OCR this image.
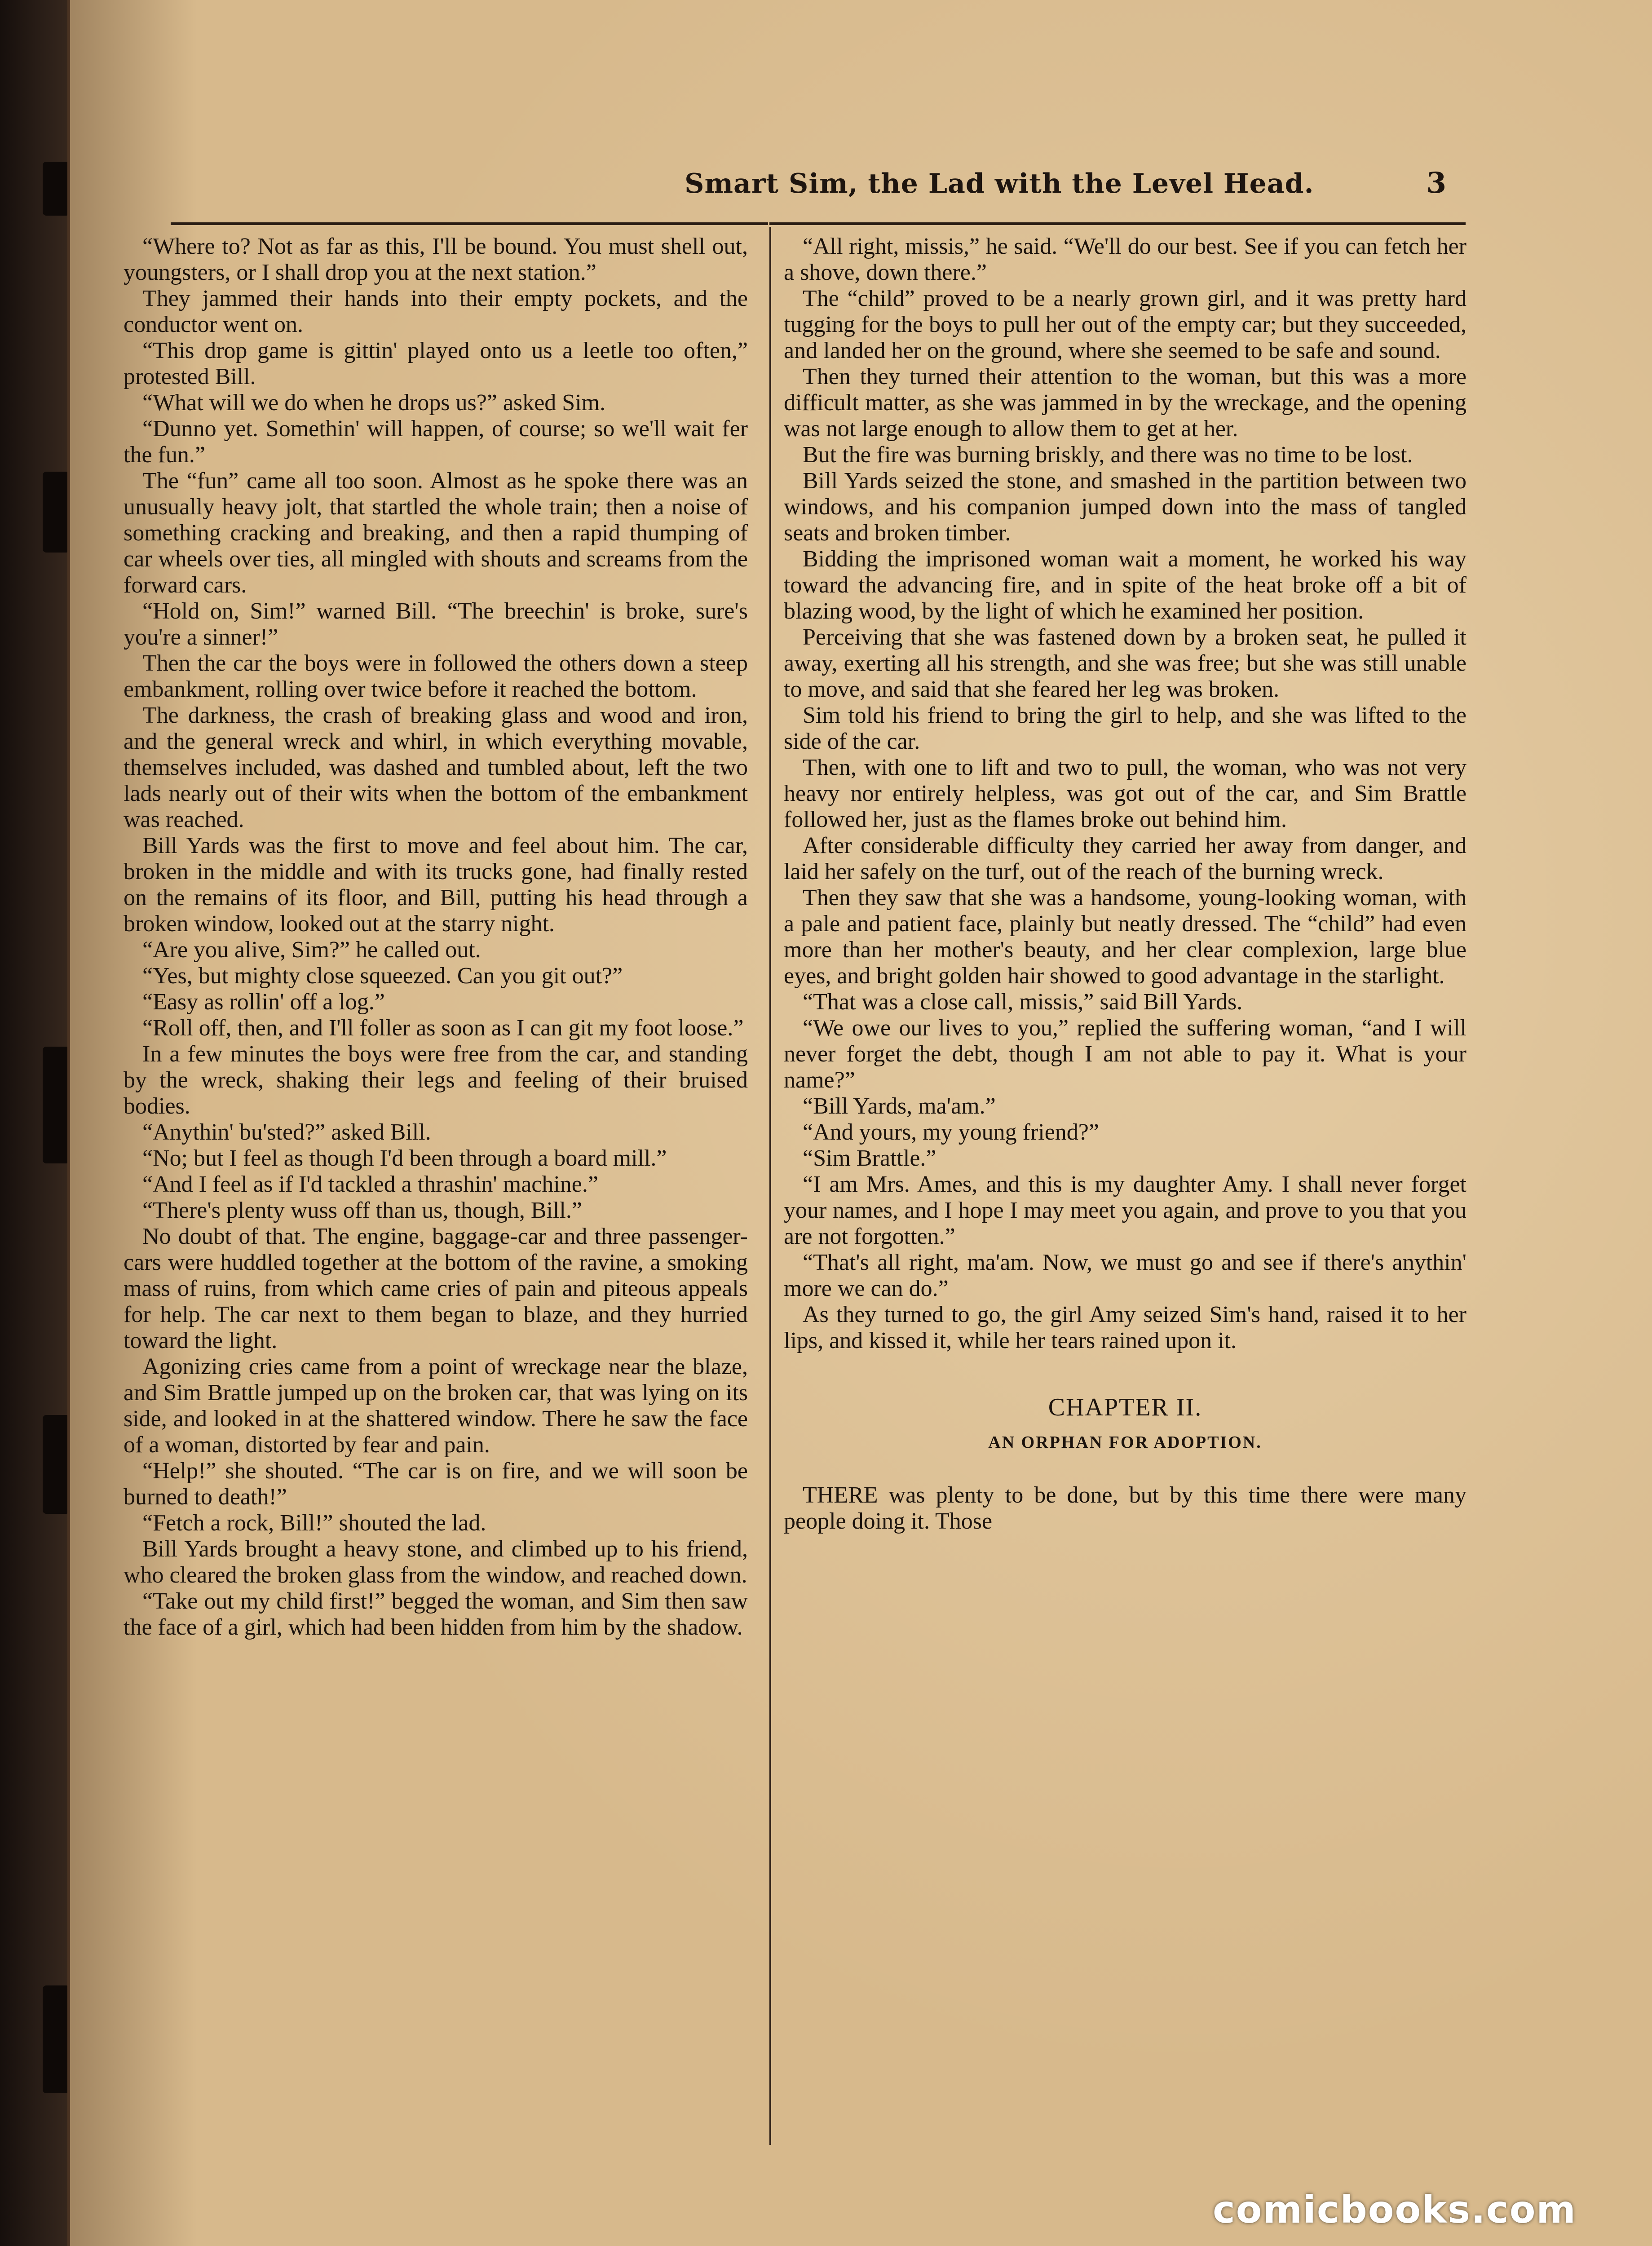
Smart Sim, the Lad with the Level Head.	3

“Where to? Not as far as this, I'll be bound. You must shell out, youngsters, or I shall drop you at the next station.”

They jammed their hands into their empty pockets, and the conductor went on.

“This drop game is gittin' played onto us a leetle too often,” protested Bill.

“What will we do when he drops us?” asked Sim.

“Dunno yet. Somethin' will happen, of course; so we'll wait fer the fun.”

The “fun” came all too soon. Almost as he spoke there was an unusually heavy jolt, that startled the whole train; then a noise of something cracking and breaking, and then a rapid thumping of car wheels over ties, all mingled with shouts and screams from the forward cars.

“Hold on, Sim!” warned Bill. “The breechin' is broke, sure's you're a sinner!”

Then the car the boys were in followed the others down a steep embankment, rolling over twice before it reached the bottom.

The darkness, the crash of breaking glass and wood and iron, and the general wreck and whirl, in which everything movable, themselves included, was dashed and tumbled about, left the two lads nearly out of their wits when the bottom of the embankment was reached.

Bill Yards was the first to move and feel about him. The car, broken in the middle and with its trucks gone, had finally rested on the remains of its floor, and Bill, putting his head through a broken window, looked out at the starry night.

“Are you alive, Sim?” he called out.

“Yes, but mighty close squeezed. Can you git out?”

“Easy as rollin' off a log.”

“Roll off, then, and I'll foller as soon as I can git my foot loose.”

In a few minutes the boys were free from the car, and standing by the wreck, shaking their legs and feeling of their bruised bodies.

“Anythin' bu'sted?” asked Bill.

“No; but I feel as though I'd been through a board mill.”

“And I feel as if I'd tackled a thrashin' machine.”

“There's plenty wuss off than us, though, Bill.”

No doubt of that. The engine, baggage-car and three passenger-cars were huddled together at the bottom of the ravine, a smoking mass of ruins, from which came cries of pain and piteous appeals for help. The car next to them began to blaze, and they hurried toward the light.

Agonizing cries came from a point of wreckage near the blaze, and Sim Brattle jumped up on the broken car, that was lying on its side, and looked in at the shattered window. There he saw the face of a woman, distorted by fear and pain.

“Help!” she shouted. “The car is on fire, and we will soon be burned to death!”

“Fetch a rock, Bill!” shouted the lad.

Bill Yards brought a heavy stone, and climbed up to his friend, who cleared the broken glass from the window, and reached down.

“Take out my child first!” begged the woman, and Sim then saw the face of a girl, which had been hidden from him by the shadow.

“All right, missis,” he said. “We'll do our best. See if you can fetch her a shove, down there.”

The “child” proved to be a nearly grown girl, and it was pretty hard tugging for the boys to pull her out of the empty car; but they succeeded, and landed her on the ground, where she seemed to be safe and sound.

Then they turned their attention to the woman, but this was a more difficult matter, as she was jammed in by the wreckage, and the opening was not large enough to allow them to get at her.

But the fire was burning briskly, and there was no time to be lost.

Bill Yards seized the stone, and smashed in the partition between two windows, and his companion jumped down into the mass of tangled seats and broken timber.

Bidding the imprisoned woman wait a moment, he worked his way toward the advancing fire, and in spite of the heat broke off a bit of blazing wood, by the light of which he examined her position.

Perceiving that she was fastened down by a broken seat, he pulled it away, exerting all his strength, and she was free; but she was still unable to move, and said that she feared her leg was broken.

Sim told his friend to bring the girl to help, and she was lifted to the side of the car.

Then, with one to lift and two to pull, the woman, who was not very heavy nor entirely helpless, was got out of the car, and Sim Brattle followed her, just as the flames broke out behind him.

After considerable difficulty they carried her away from danger, and laid her safely on the turf, out of the reach of the burning wreck.

Then they saw that she was a handsome, young-looking woman, with a pale and patient face, plainly but neatly dressed. The “child” had even more than her mother's beauty, and her clear complexion, large blue eyes, and bright golden hair showed to good advantage in the starlight.

“That was a close call, missis,” said Bill Yards.

“We owe our lives to you,” replied the suffering woman, “and I will never forget the debt, though I am not able to pay it. What is your name?”

“Bill Yards, ma'am.”

“And yours, my young friend?”

“Sim Brattle.”

“I am Mrs. Ames, and this is my daughter Amy. I shall never forget your names, and I hope I may meet you again, and prove to you that you are not forgotten.”

“That's all right, ma'am. Now, we must go and see if there's anythin' more we can do.”

As they turned to go, the girl Amy seized Sim's hand, raised it to her lips, and kissed it, while her tears rained upon it.

CHAPTER II.
AN ORPHAN FOR ADOPTION.

THERE was plenty to be done, but by this time there were many people doing it. Those

comicbooks.com
